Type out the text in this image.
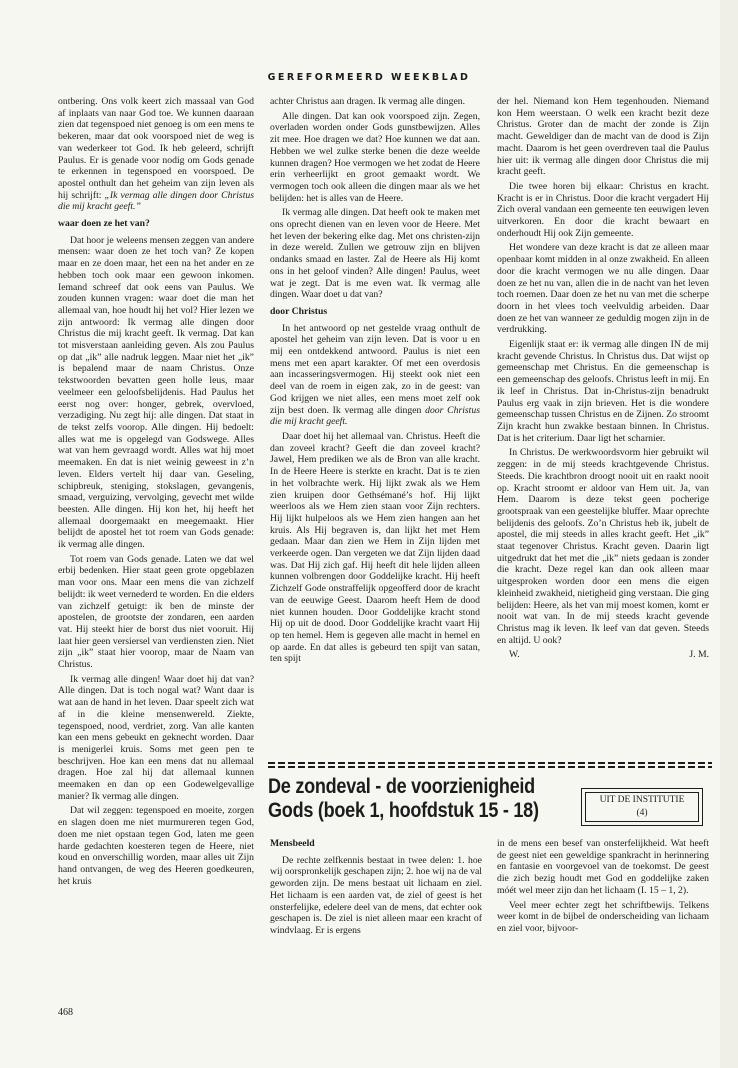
GEREFORMEERD WEEKBLAD

ontbering. Ons volk keert zich massaal van God af inplaats van naar God toe. We kunnen daaraan zien dat tegenspoed niet genoeg is om een mens te bekeren, maar dat ook voorspoed niet de weg is van wederkeer tot God. Ik heb geleerd, schrijft Paulus. Er is genade voor nodig om Gods genade te erkennen in tegenspoed en voorspoed. De apostel onthult dan het geheim van zijn leven als hij schrijft: „Ik vermag alle dingen door Christus die mij kracht geeft.”

waar doen ze het van?

Dat hoor je weleens mensen zeggen van andere mensen: waar doen ze het toch van? Ze kopen maar en ze doen maar, het een na het ander en ze hebben toch ook maar een gewoon inkomen. Iemand schreef dat ook eens van Paulus. We zouden kunnen vragen: waar doet die man het allemaal van, hoe houdt hij het vol? Hier lezen we zijn antwoord: Ik vermag alle dingen door Christus die mij kracht geeft. Ik vermag. Dat kan tot misverstaan aanleiding geven. Als zou Paulus op dat „ik” alle nadruk leggen. Maar niet het „ik” is bepalend maar de naam Christus. Onze tekstwoorden bevatten geen holle leus, maar veelmeer een geloofsbelijdenis. Had Paulus het eerst nog over: honger, gebrek, overvloed, verzadiging. Nu zegt hij: alle dingen. Dat staat in de tekst zelfs voorop. Alle dingen. Hij bedoelt: alles wat me is opgelegd van Godswege. Alles wat van hem gevraagd wordt. Alles wat hij moet meemaken. En dat is niet weinig geweest in z’n leven. Elders vertelt hij daar van. Geseling, schipbreuk, steniging, stokslagen, gevangenis, smaad, verguizing, vervolging, gevecht met wilde beesten. Alle dingen. Hij kon het, hij heeft het allemaal doorgemaakt en meegemaakt. Hier belijdt de apostel het tot roem van Gods genade: ik vermag alle dingen.

Tot roem van Gods genade. Laten we dat wel erbij bedenken. Hier staat geen grote opgeblazen man voor ons. Maar een mens die van zichzelf belijdt: ik weet vernederd te worden. En die elders van zichzelf getuigt: ik ben de minste der apostelen, de grootste der zondaren, een aarden vat. Hij steekt hier de borst dus niet vooruit. Hij laat hier geen versiersel van verdiensten zien. Niet zijn „ik” staat hier voorop, maar de Naam van Christus.

Ik vermag alle dingen! Waar doet hij dat van? Alle dingen. Dat is toch nogal wat? Want daar is wat aan de hand in het leven. Daar speelt zich wat af in die kleine mensenwereld. Ziekte, tegenspoed, nood, verdriet, zorg. Van alle kanten kan een mens gebeukt en geknecht worden. Daar is menigerlei kruis. Soms met geen pen te beschrijven. Hoe kan een mens dat nu allemaal dragen. Hoe zal hij dat allemaal kunnen meemaken en dan op een Godewelgevallige manier? Ik vermag alle dingen.

Dat wil zeggen: tegenspoed en moeite, zorgen en slagen doen me niet murmureren tegen God, doen me niet opstaan tegen God, laten me geen harde gedachten koesteren tegen de Heere, niet koud en onverschillig worden, maar alles uit Zijn hand ontvangen, de weg des Heeren goedkeuren, het kruis

achter Christus aan dragen. Ik vermag alle dingen.

Alle dingen. Dat kan ook voorspoed zijn. Zegen, overladen worden onder Gods gunstbewijzen. Alles zit mee. Hoe dragen we dat? Hoe kunnen we dat aan. Hebben we wel zulke sterke benen die deze weelde kunnen dragen? Hoe vermogen we het zodat de Heere erin verheerlijkt en groot gemaakt wordt. We vermogen toch ook alleen die dingen maar als we het belijden: het is alles van de Heere.

Ik vermag alle dingen. Dat heeft ook te maken met ons oprecht dienen van en leven voor de Heere. Met het leven der bekering elke dag. Met ons christen-zijn in deze wereld. Zullen we getrouw zijn en blijven ondanks smaad en laster. Zal de Heere als Hij komt ons in het geloof vinden? Alle dingen! Paulus, weet wat je zegt. Dat is me even wat. Ik vermag alle dingen. Waar doet u dat van?

door Christus

In het antwoord op net gestelde vraag onthult de apostel het geheim van zijn leven. Dat is voor u en mij een ontdekkend antwoord. Paulus is niet een mens met een apart karakter. Of met een overdosis aan incasseringsvermogen. Hij steekt ook niet een deel van de roem in eigen zak, zo in de geest: van God krijgen we niet alles, een mens moet zelf ook zijn best doen. Ik vermag alle dingen door Christus die mij kracht geeft.

Daar doet hij het allemaal van. Christus. Heeft die dan zoveel kracht? Geeft die dan zoveel kracht? Jawel, Hem prediken we als de Bron van alle kracht. In de Heere Heere is sterkte en kracht. Dat is te zien in het volbrachte werk. Hij lijkt zwak als we Hem zien kruipen door Gethsémané’s hof. Hij lijkt weerloos als we Hem zien staan voor Zijn rechters. Hij lijkt hulpeloos als we Hem zien hangen aan het kruis. Als Hij begraven is, dan lijkt het met Hem gedaan. Maar dan zien we Hem in Zijn lijden met verkeerde ogen. Dan vergeten we dat Zijn lijden daad was. Dat Hij zich gaf. Hij heeft dit hele lijden alleen kunnen volbrengen door Goddelijke kracht. Hij heeft Zichzelf Gode onstraffelijk opgeofferd door de kracht van de eeuwige Geest. Daarom heeft Hem de dood niet kunnen houden. Door Goddelijke kracht stond Hij op uit de dood. Door Goddelijke kracht vaart Hij op ten hemel. Hem is gegeven alle macht in hemel en op aarde. En dat alles is gebeurd ten spijt van satan, ten spijt

der hel. Niemand kon Hem tegenhouden. Niemand kon Hem weerstaan. O welk een kracht bezit deze Christus. Groter dan de macht der zonde is Zijn macht. Geweldiger dan de macht van de dood is Zijn macht. Daarom is het geen overdreven taal die Paulus hier uit: ik vermag alle dingen door Christus die mij kracht geeft.

Die twee horen bij elkaar: Christus en kracht. Kracht is er in Christus. Door die kracht vergadert Hij Zich overal vandaan een gemeente ten eeuwigen leven uitverkoren. En door die kracht bewaart en onderhoudt Hij ook Zijn gemeente.

Het wondere van deze kracht is dat ze alleen maar openbaar komt midden in al onze zwakheid. En alleen door die kracht vermogen we nu alle dingen. Daar doen ze het nu van, allen die in de nacht van het leven toch roemen. Daar doen ze het nu van met die scherpe doorn in het vlees toch veelvuldig arbeiden. Daar doen ze het van wanneer ze geduldig mogen zijn in de verdrukking.

Eigenlijk staat er: ik vermag alle dingen IN de mij kracht gevende Christus. In Christus dus. Dat wijst op gemeenschap met Christus. En die gemeenschap is een gemeenschap des geloofs. Christus leeft in mij. En ik leef in Christus. Dat in-Christus-zijn benadrukt Paulus erg vaak in zijn brieven. Het is die wondere gemeenschap tussen Christus en de Zijnen. Zo stroomt Zijn kracht hun zwakke bestaan binnen. In Christus. Dat is het criterium. Daar ligt het scharnier.

In Christus. De werkwoordsvorm hier gebruikt wil zeggen: in de mij steeds krachtgevende Christus. Steeds. Die krachtbron droogt nooit uit en raakt nooit op. Kracht stroomt er aldoor van Hem uit. Ja, van Hem. Daarom is deze tekst geen pocherige grootspraak van een geestelijke bluffer. Maar oprechte belijdenis des geloofs. Zo’n Christus heb ik, jubelt de apostel, die mij steeds in alles kracht geeft. Het „ik” staat tegenover Christus. Kracht geven. Daarin ligt uitgedrukt dat het met die „ik” niets gedaan is zonder die kracht. Deze regel kan dan ook alleen maar uitgesproken worden door een mens die eigen kleinheid zwakheid, nietigheid ging verstaan. Die ging belijden: Heere, als het van mij moest komen, komt er nooit wat van. In de mij steeds kracht gevende Christus mag ik leven. Ik leef van dat geven. Steeds en altijd. U ook?

W.	J. M.

De zondeval - de voorzienigheid
Gods (boek 1, hoofdstuk 15 - 18)	UIT DE INSTITUTIE
(4)
Mensbeeld

De rechte zelfkennis bestaat in twee delen: 1. hoe wij oorspronkelijk geschapen zijn; 2. hoe wij na de val geworden zijn. De mens bestaat uit lichaam en ziel. Het lichaam is een aarden vat, de ziel of geest is het onsterfelijke, edelere deel van de mens, dat echter ook geschapen is. De ziel is niet alleen maar een kracht of windvlaag. Er is ergens

in de mens een besef van onsterfelijkheid. Wat heeft de geest niet een geweldige spankracht in herinnering en fantasie en voorgevoel van de toekomst. De geest die zich bezig houdt met God en goddelijke zaken móét wel meer zijn dan het lichaam (I. 15 – 1, 2).

Veel meer echter zegt het schriftbewijs. Telkens weer komt in de bijbel de onderscheiding van lichaam en ziel voor, bijvoor-

468
